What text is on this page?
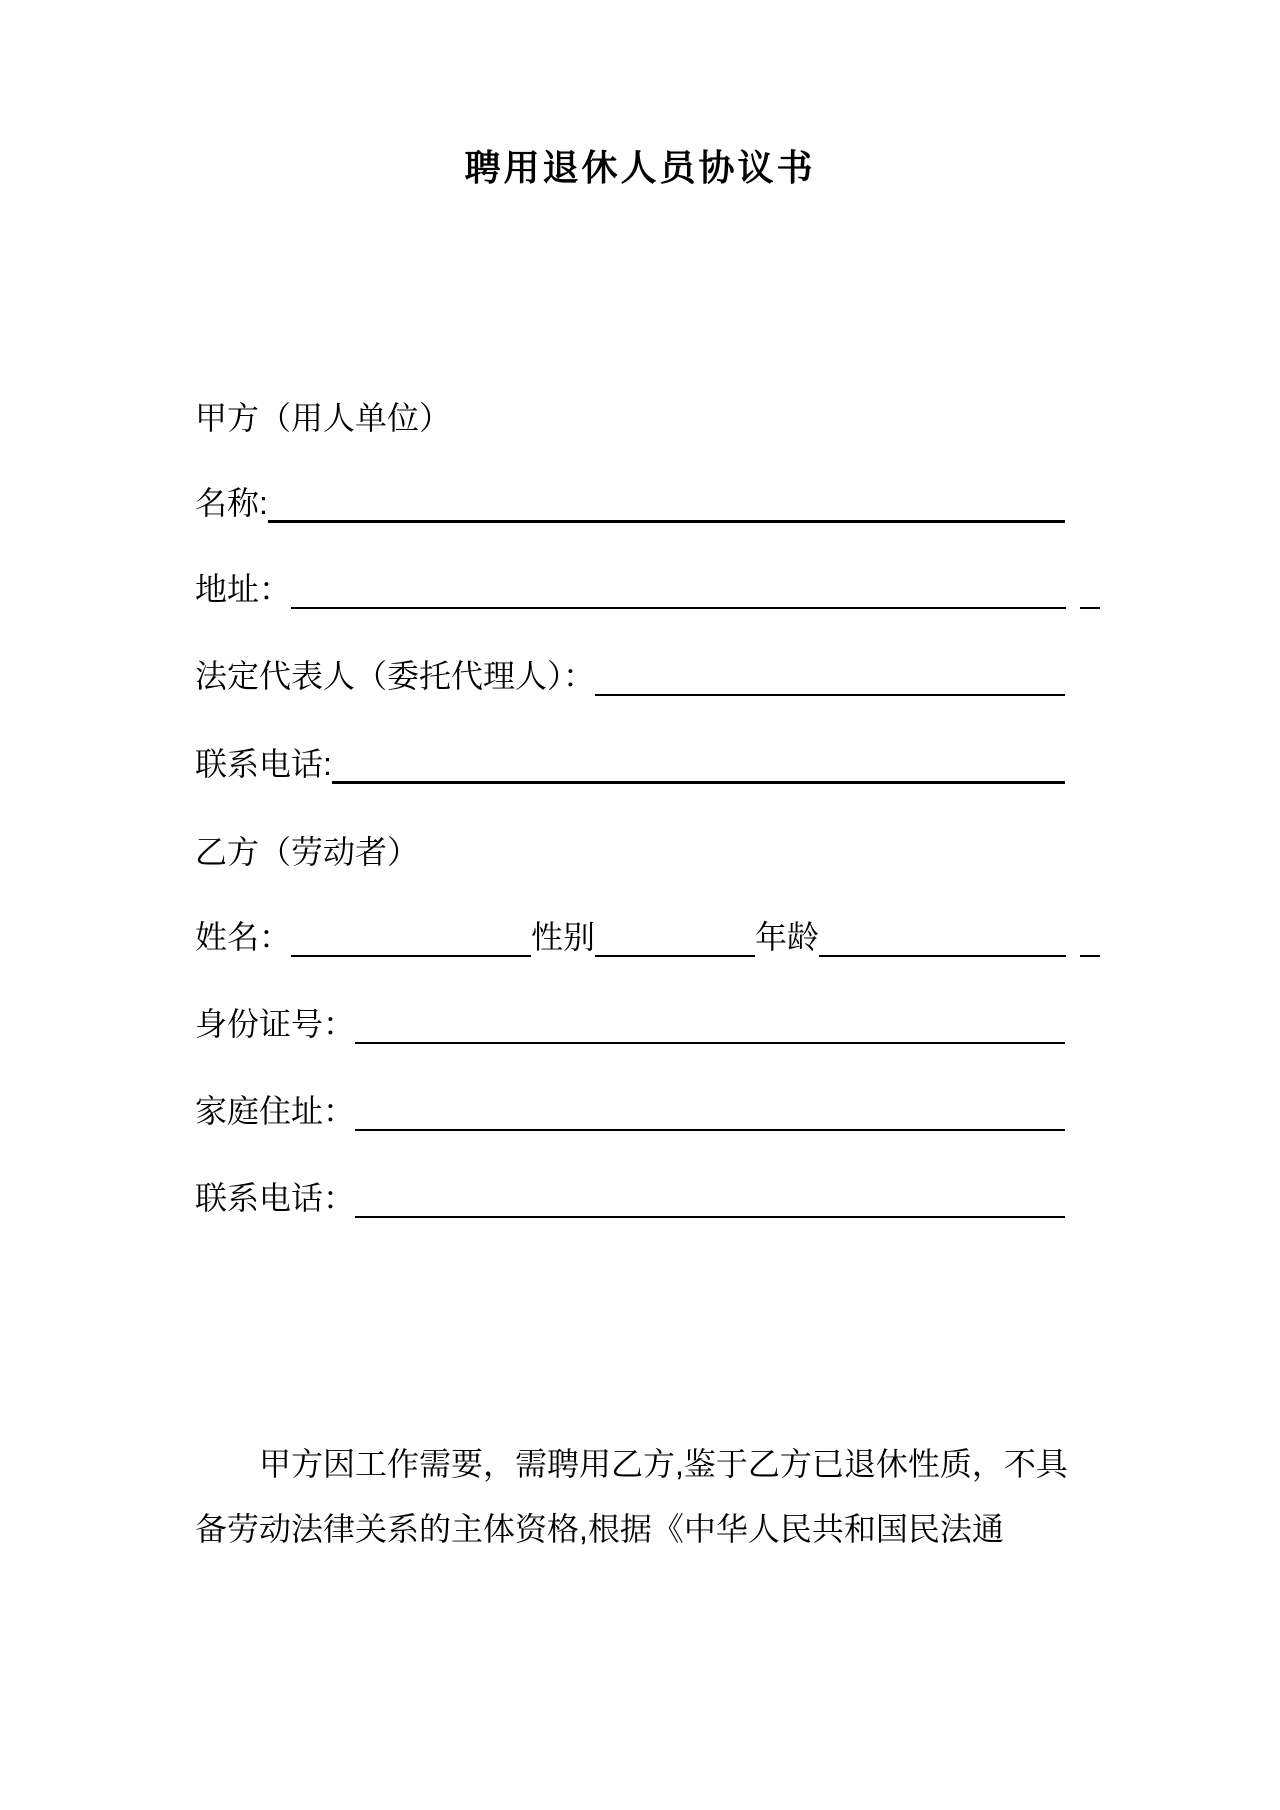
聘用退休人员协议书
甲方（用人单位）
名称:
地址：
法定代表人（委托代理人）：
联系电话:
乙方（劳动者）
姓名：	性别	年龄
身份证号：
家庭住址：
联系电话：
甲方因工作需要，需聘用乙方,鉴于乙方已退休性质，不具
备劳动法律关系的主体资格,根据《中华人民共和国民法通
